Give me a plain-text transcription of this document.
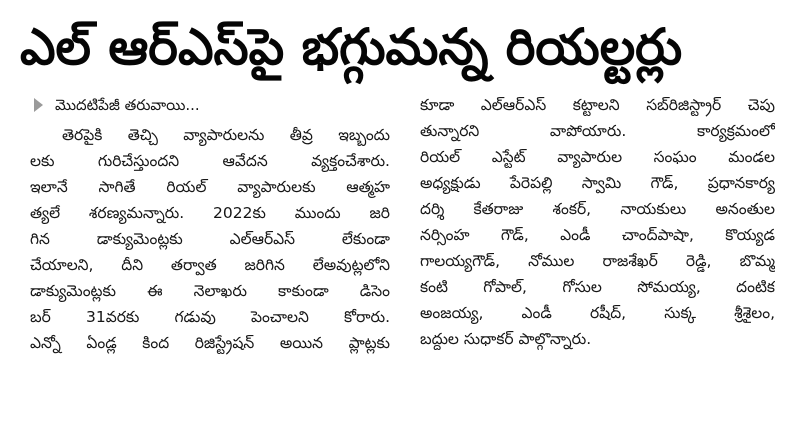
ఎల్ ఆర్ఎస్‌పై భగ్గుమన్న రియల్టర్లు
మొదటిపేజీ తరువాయి...
తెరపైకి తెచ్చి వ్యాపారులను తీవ్ర ఇబ్బందు
లకు గురిచేస్తుందని ఆవేదన వ్యక్తంచేశారు.
ఇలానే సాగితే రియల్ వ్యాపారులకు ఆత్మహ
త్యలే శరణ్యమన్నారు. 2022కు ముందు జరి
గిన డాక్యుమెంట్లకు ఎల్ఆర్ఎస్ లేకుండా
చేయాలని, దీని తర్వాత జరిగిన లేఅవుట్లలోని
డాక్యుమెంట్లకు ఈ నెలాఖరు కాకుండా డిసెం
బర్ 31వరకు గడువు పెంచాలని కోరారు.
ఎన్నో ఏండ్ల కింద రిజిస్ట్రేషన్ అయిన ప్లాట్లకు
కూడా ఎల్ఆర్ఎస్ కట్టాలని సబ్‌రిజిస్ట్రార్ చెపు
తున్నారని వాపోయారు. కార్యక్రమంలో
రియల్ ఎస్టేట్ వ్యాపారుల సంఘం మండల
అధ్యక్షుడు పేరెపల్లి స్వామి గౌడ్, ప్రధానకార్య
దర్శి కేతరాజు శంకర్, నాయకులు అనంతుల
నర్సింహ గౌడ్, ఎండీ చాంద్‌పాషా, కొయ్యడ
గాలయ్యగౌడ్, నోముల రాజశేఖర్ రెడ్డి, బొమ్మ
కంటి గోపాల్, గోసుల సోమయ్య, దంటిక
అంజయ్య, ఎండీ రషీద్, సుక్క శ్రీశైలం,
బద్దుల సుధాకర్ పాల్గొన్నారు.
